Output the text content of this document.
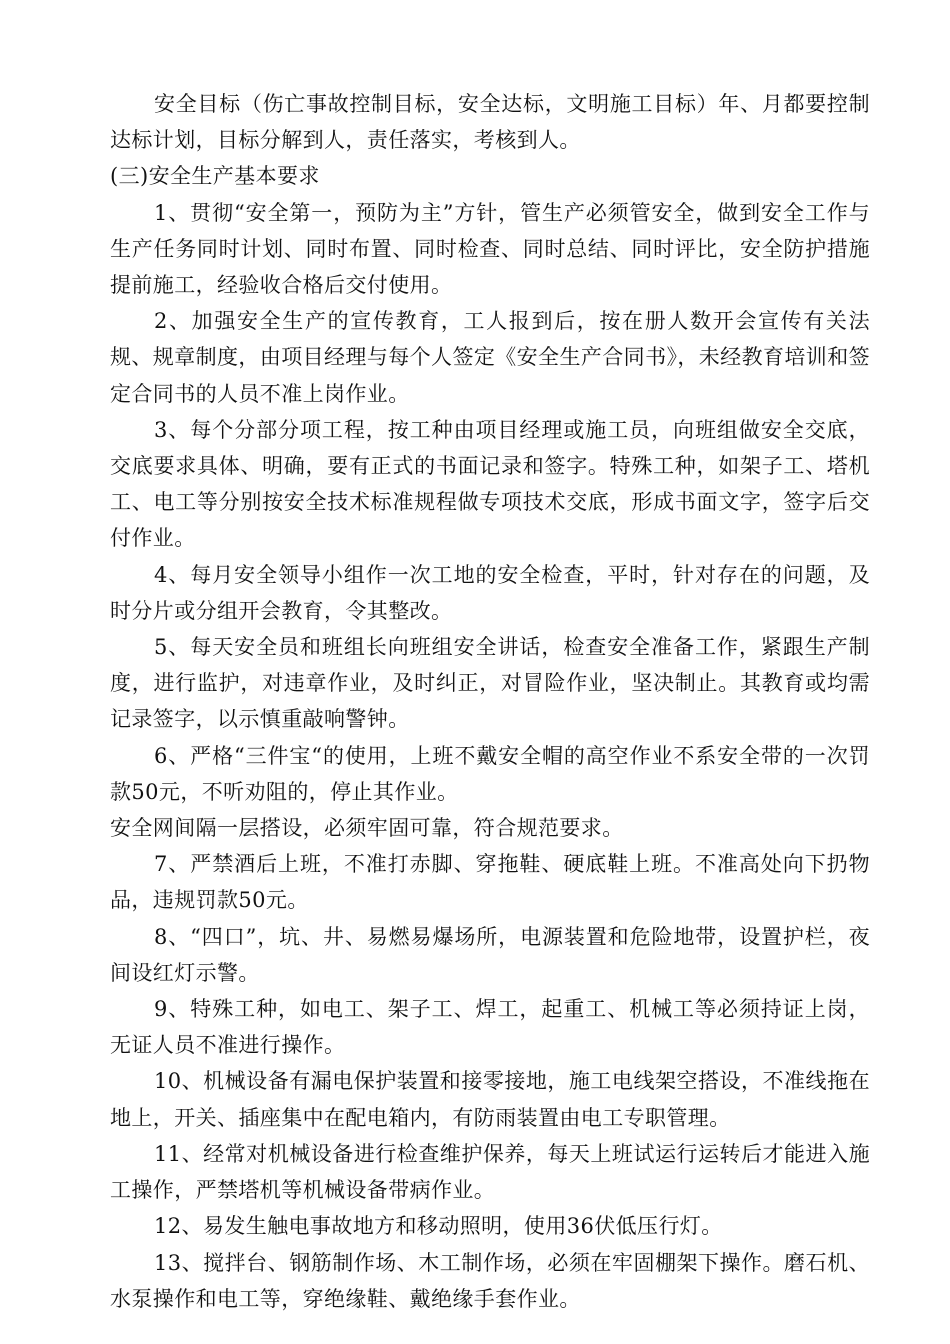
安全目标（伤亡事故控制目标，安全达标，文明施工目标）年、月都要控制达标计划，目标分解到人，责任落实，考核到人。

(三)安全生产基本要求

1、贯彻“安全第一，预防为主”方针，管生产必须管安全，做到安全工作与生产任务同时计划、同时布置、同时检查、同时总结、同时评比，安全防护措施提前施工，经验收合格后交付使用。

2、加强安全生产的宣传教育，工人报到后，按在册人数开会宣传有关法规、规章制度，由项目经理与每个人签定《安全生产合同书》，未经教育培训和签定合同书的人员不准上岗作业。

3、每个分部分项工程，按工种由项目经理或施工员，向班组做安全交底，交底要求具体、明确，要有正式的书面记录和签字。特殊工种，如架子工、塔机工、电工等分别按安全技术标准规程做专项技术交底，形成书面文字，签字后交付作业。

4、每月安全领导小组作一次工地的安全检查，平时，针对存在的问题，及时分片或分组开会教育，令其整改。

5、每天安全员和班组长向班组安全讲话，检查安全准备工作，紧跟生产制度，进行监护，对违章作业，及时纠正，对冒险作业，坚决制止。其教育或均需记录签字，以示慎重敲响警钟。

6、严格“三件宝“的使用，上班不戴安全帽的高空作业不系安全带的一次罚款50元，不听劝阻的，停止其作业。

安全网间隔一层搭设，必须牢固可靠，符合规范要求。

7、严禁酒后上班，不准打赤脚、穿拖鞋、硬底鞋上班。不准高处向下扔物品，违规罚款50元。

8、“四口”，坑、井、易燃易爆场所，电源装置和危险地带，设置护栏，夜间设红灯示警。

9、特殊工种，如电工、架子工、焊工，起重工、机械工等必须持证上岗，无证人员不准进行操作。

10、机械设备有漏电保护装置和接零接地，施工电线架空搭设，不准线拖在地上，开关、插座集中在配电箱内，有防雨装置由电工专职管理。

11、经常对机械设备进行检查维护保养，每天上班试运行运转后才能进入施工操作，严禁塔机等机械设备带病作业。

12、易发生触电事故地方和移动照明，使用36伏低压行灯。

13、搅拌台、钢筋制作场、木工制作场，必须在牢固棚架下操作。磨石机、水泵操作和电工等，穿绝缘鞋、戴绝缘手套作业。
